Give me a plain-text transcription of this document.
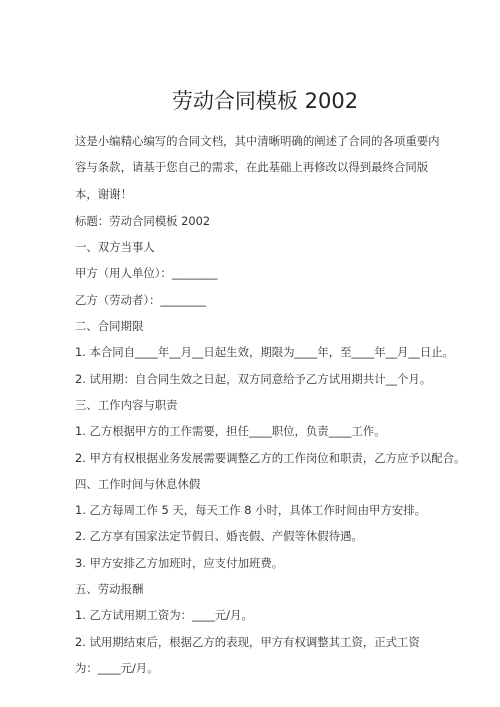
劳动合同模板 2002

这是小编精心编写的合同文档，其中清晰明确的阐述了合同的各项重要内容与条款，请基于您自己的需求，在此基础上再修改以得到最终合同版本，谢谢！

标题：劳动合同模板 2002

一、双方当事人

甲方（用人单位）：________

乙方（劳动者）：________

二、合同期限

1. 本合同自____年__月__日起生效，期限为____年，至____年__月__日止。

2. 试用期：自合同生效之日起，双方同意给予乙方试用期共计__个月。

三、工作内容与职责

1. 乙方根据甲方的工作需要，担任____职位，负责____工作。

2. 甲方有权根据业务发展需要调整乙方的工作岗位和职责，乙方应予以配合。

四、工作时间与休息休假

1. 乙方每周工作 5 天，每天工作 8 小时，具体工作时间由甲方安排。

2. 乙方享有国家法定节假日、婚丧假、产假等休假待遇。

3. 甲方安排乙方加班时，应支付加班费。

五、劳动报酬

1. 乙方试用期工资为：____元/月。

2. 试用期结束后，根据乙方的表现，甲方有权调整其工资，正式工资为：____元/月。
